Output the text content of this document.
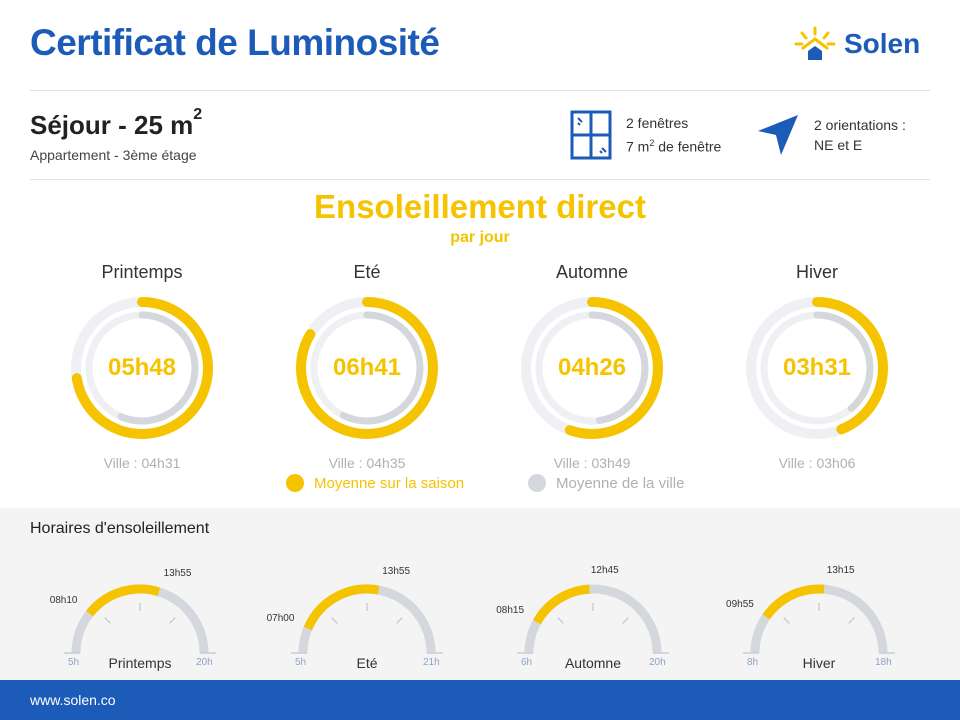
Certificat de Luminosité	Solen
Séjour - 25 $m^2$
Appartement - 3ème étage
2 fenêtres
7 $m^2$ de fenêtre
2 orientations :
NE et E
Ensoleillement direct
par jour
Printemps
05h48
Ville : 04h31
Eté
06h41
Ville : 04h35
Automne
04h26
Ville : 03h49
Hiver
03h31
Ville : 03h06
Moyenne sur la saison	Moyenne de la ville
Horaires d'ensoleillement
08h10
13h55
5h	20h
Printemps
07h00
13h55
5h	21h
Eté
08h15
12h45
6h	20h
Automne
09h55
13h15
8h	18h
Hiver
www.solen.co
